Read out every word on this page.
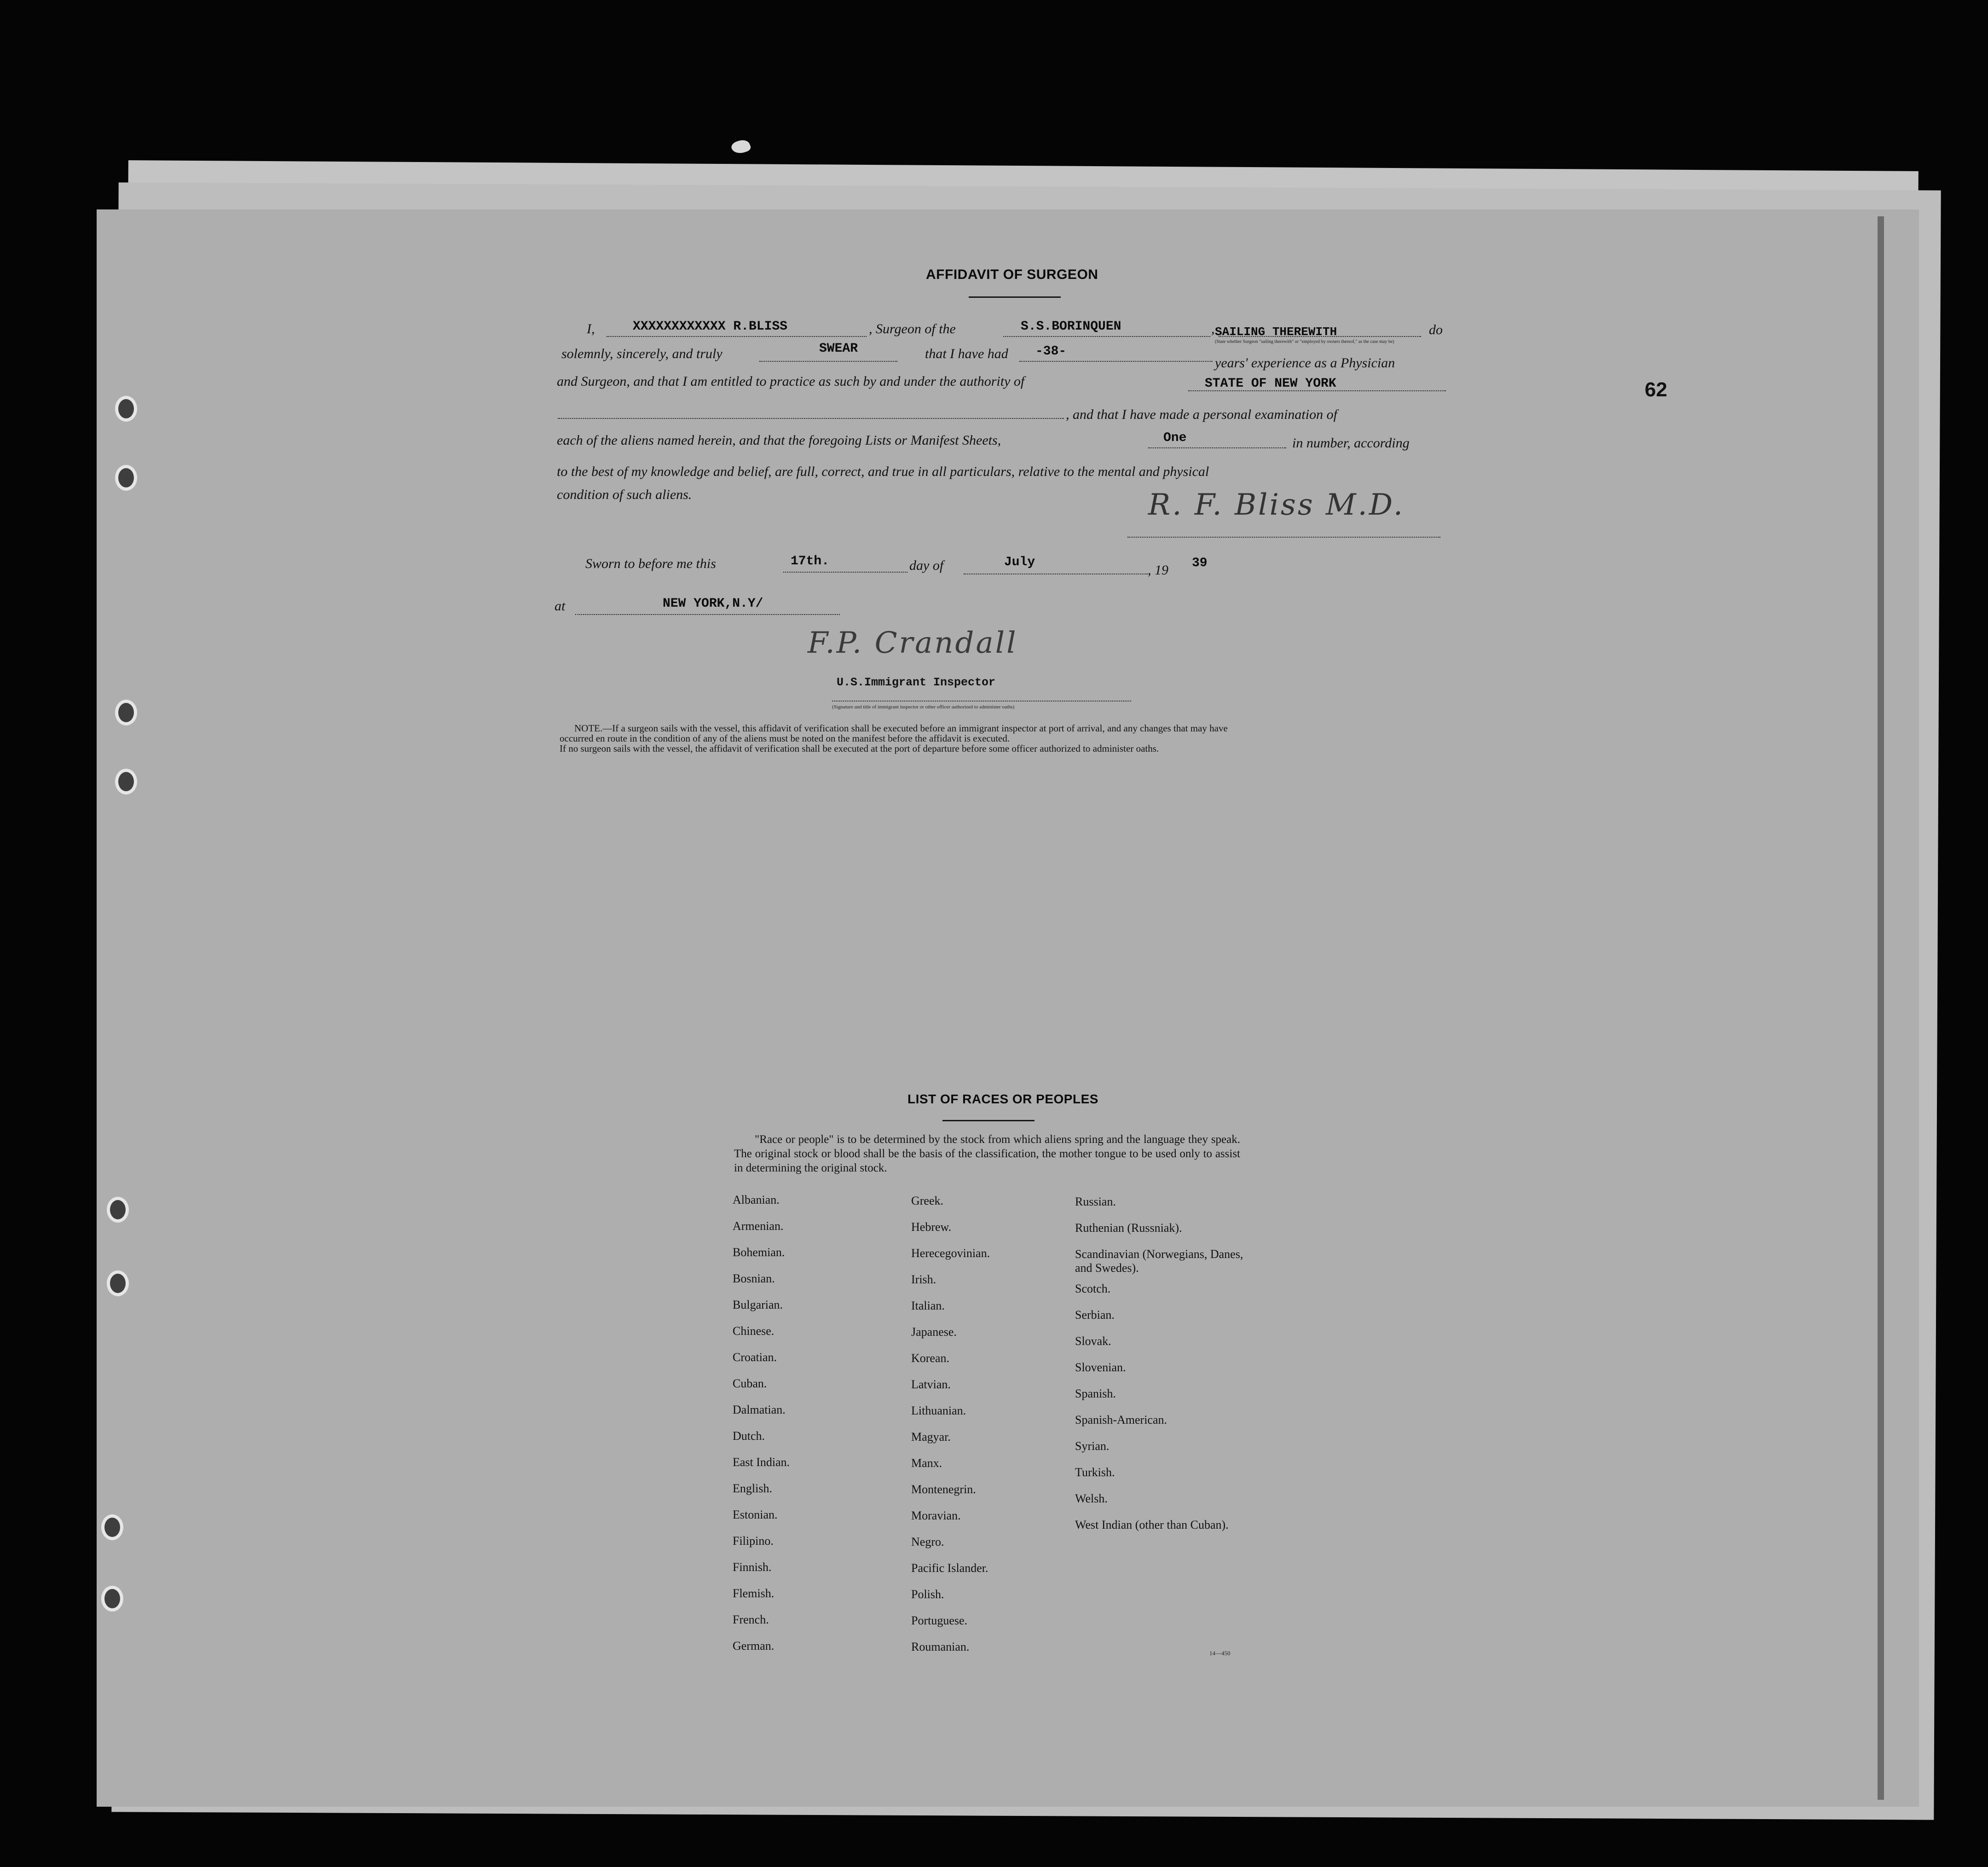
62
AFFIDAVIT OF SURGEON
I,	XXXXXXXXXXXX R.BLISS	, Surgeon of the	S.S.BORINQUEN	, SAILING THEREWITH
(State whether Surgeon "sailing therewith" or "employed by owners thereof," as the case may be)
do
solemnly, sincerely, and truly	SWEAR	that I have had -38-
years' experience as a Physician
and Surgeon, and that I am entitled to practice as such by and under the authority of	STATE OF NEW YORK
, and that I have made a personal examination of
each of the aliens named herein, and that the foregoing Lists or Manifest Sheets,	One	in number, according
to the best of my knowledge and belief, are full, correct, and true in all particulars, relative to the mental and physical
condition of such aliens.	R. F. Bliss M.D.
Sworn to before me this	17th.	day of	July
, 19 39
at	NEW YORK,N.Y/
F.P. Crandall
U.S.Immigrant Inspector
(Signature and title of immigrant inspector or other officer authorized to administer oaths)
NOTE.—If a surgeon sails with the vessel, this affidavit of verification shall be executed before an immigrant inspector at port of arrival, and any changes that may have
occurred en route in the condition of any of the aliens must be noted on the manifest before the affidavit is executed.
If no surgeon sails with the vessel, the affidavit of verification shall be executed at the port of departure before some officer authorized to administer oaths.
LIST OF RACES OR PEOPLES
"Race or people" is to be determined by the stock from which aliens spring and the language they speak. The original stock or blood shall be the basis of the classification, the mother tongue to be used only to assist in determining the original stock.
Albanian.
Armenian.
Bohemian.
Bosnian.
Bulgarian.
Chinese.
Croatian.
Cuban.
Dalmatian.
Dutch.
East Indian.
English.
Estonian.
Filipino.
Finnish.
Flemish.
French.
German.
Greek.
Hebrew.
Herecegovinian.
Irish.
Italian.
Japanese.
Korean.
Latvian.
Lithuanian.
Magyar.
Manx.
Montenegrin.
Moravian.
Negro.
Pacific Islander.
Polish.
Portuguese.
Roumanian.
Russian.
Ruthenian (Russniak).
Scandinavian (Norwegians, Danes, and Swedes).
Scotch.
Serbian.
Slovak.
Slovenian.
Spanish.
Spanish-American.
Syrian.
Turkish.
Welsh.
West Indian (other than Cuban).
14—450
